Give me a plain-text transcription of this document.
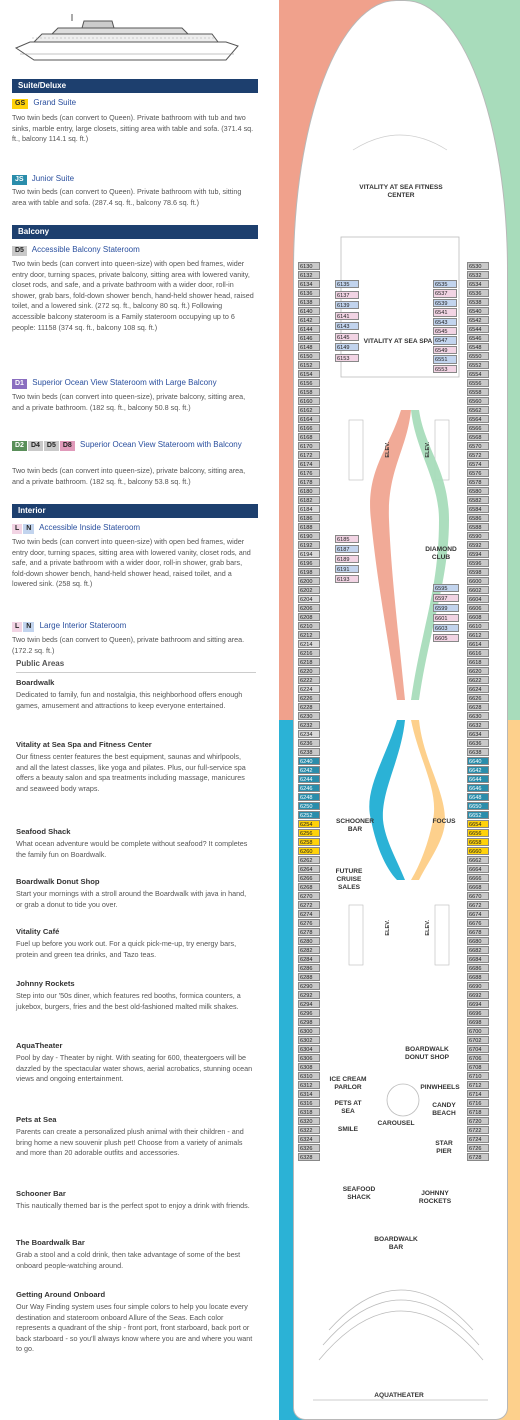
Suite/Deluxe
GS Grand Suite
Two twin beds (can convert to Queen). Private bathroom with tub and two sinks, marble entry, large closets, sitting area with table and sofa. (371.4 sq. ft., balcony 114.1 sq. ft.)
JS Junior Suite
Two twin beds (can convert to Queen). Private bathroom with tub, sitting area with table and sofa. (287.4 sq. ft., balcony 78.6 sq. ft.)
Balcony
D5 Accessible Balcony Stateroom
Two twin beds (can convert into queen-size) with open bed frames, wider entry door, turning spaces, private balcony, sitting area with lowered vanity, closet rods, and safe, and a private bathroom with a wider door, roll-in shower, grab bars, fold-down shower bench, hand-held shower head, raised toilet, and a lowered sink. (272 sq. ft., balcony 80 sq. ft.) Following accessible balcony stateroom is a Family stateroom occupying up to 6 people: 11158 (374 sq. ft., balcony 108 sq. ft.)
D1 Superior Ocean View Stateroom with Large Balcony
Two twin beds (can convert into queen-size), private balcony, sitting area, and a private bathroom. (182 sq. ft., balcony 50.8 sq. ft.)
D2 D4 D5 D8 Superior Ocean View Stateroom with Balcony
Two twin beds (can convert into queen-size), private balcony, sitting area, and a private bathroom. (182 sq. ft., balcony 53.8 sq. ft.)
Interior
L N Accessible Inside Stateroom
Two twin beds (can convert into queen-size) with open bed frames, wider entry door, turning spaces, sitting area with lowered vanity, closet rods, and safe, and a private bathroom with a wider door, roll-in shower, grab bars, fold-down shower bench, hand-held shower head, raised toilet, and a lowered sink. (258 sq. ft.)
L N Large Interior Stateroom
Two twin beds (can convert to Queen), private bathroom and sitting area. (172.2 sq. ft.)
Public Areas
Boardwalk
Dedicated to family, fun and nostalgia, this neighborhood offers enough games, amusement and attractions to keep everyone entertained.
Vitality at Sea Spa and Fitness Center
Our fitness center features the best equipment, saunas and whirlpools, and all the latest classes, like yoga and pilates. Plus, our full-service spa offers a beauty salon and spa treatments including massage, manicures and seaweed body wraps.
Seafood Shack
What ocean adventure would be complete without seafood? It completes the family fun on Boardwalk.
Boardwalk Donut Shop
Start your mornings with a stroll around the Boardwalk with java in hand, or grab a donut to tide you over.
Vitality Café
Fuel up before you work out. For a quick pick-me-up, try energy bars, protein and green tea drinks, and Tazo teas.
Johnny Rockets
Step into our '50s diner, which features red booths, formica counters, a jukebox, burgers, fries and the best old-fashioned malted milk shakes.
AquaTheater
Pool by day - Theater by night. With seating for 600, theatergoers will be dazzled by the spectacular water shows, aerial acrobatics, stunning ocean views and ongoing entertainment.
Pets at Sea
Parents can create a personalized plush animal with their children - and bring home a new souvenir plush pet! Choose from a variety of animals and more than 20 adorable outfits and accessories.
Schooner Bar
This nautically themed bar is the perfect spot to enjoy a drink with friends.
The Boardwalk Bar
Grab a stool and a cold drink, then take advantage of some of the best onboard people-watching around.
Getting Around Onboard
Our Way Finding system uses four simple colors to help you locate every destination and stateroom onboard Allure of the Seas. Each color represents a quadrant of the ship - front port, front starboard, back port or back starboard - so you'll always know where you are and where you want to go.
VITALITY AT SEA FITNESS CENTER
VITALITY AT SEA SPA
DIAMOND CLUB
SCHOONER BAR
FOCUS
FUTURE CRUISE SALES
BOARDWALK DONUT SHOP
ICE CREAM PARLOR	PINWHEELS
PETS AT SEA
CANDY BEACH
SMILE
CAROUSEL
STAR PIER
SEAFOOD SHACK
JOHNNY ROCKETS
BOARDWALK BAR
AQUATHEATER
ELEV.	ELEV.
ELEV.	ELEV.
6130
6132
6134
6136
6138
6140
6142
6144
6146
6148
6150
6152
6154
6156
6158
6160
6162
6164
6166
6168
6170
6172
6174
6176
6178
6180
6182
6184
6186
6188
6190
6192
6194
6196
6198
6200
6202
6204
6206
6208
6210
6212
6214
6216
6218
6220
6222
6224
6226
6228
6230
6232
6234
6236
6238
6240
6242
6244
6246
6248
6250
6252
6254
6256
6258
6260
6262
6264
6266
6268
6270
6272
6274
6276
6278
6280
6282
6284
6286
6288
6290
6292
6294
6296
6298
6300
6302
6304
6306
6308
6310
6312
6314
6316
6318
6320
6322
6324
6326
6328
6530
6532
6534
6536
6538
6540
6542
6544
6546
6548
6550
6552
6554
6556
6558
6560
6562
6564
6566
6568
6570
6572
6574
6576
6578
6580
6582
6584
6586
6588
6590
6592
6594
6596
6598
6600
6602
6604
6606
6608
6610
6612
6614
6616
6618
6620
6622
6624
6626
6628
6630
6632
6634
6636
6638
6640
6642
6644
6646
6648
6650
6652
6654
6656
6658
6660
6662
6664
6666
6668
6670
6672
6674
6676
6678
6680
6682
6684
6686
6688
6690
6692
6694
6696
6698
6700
6702
6704
6706
6708
6710
6712
6714
6716
6718
6720
6722
6724
6726
6728
6135
6137
6139
6141
6143
6145
6149
6153
6535
6537
6539
6541
6543
6545
6547
6549
6551
6553
6185
6187
6189
6191
6193
6595
6597
6599
6601
6603
6605
